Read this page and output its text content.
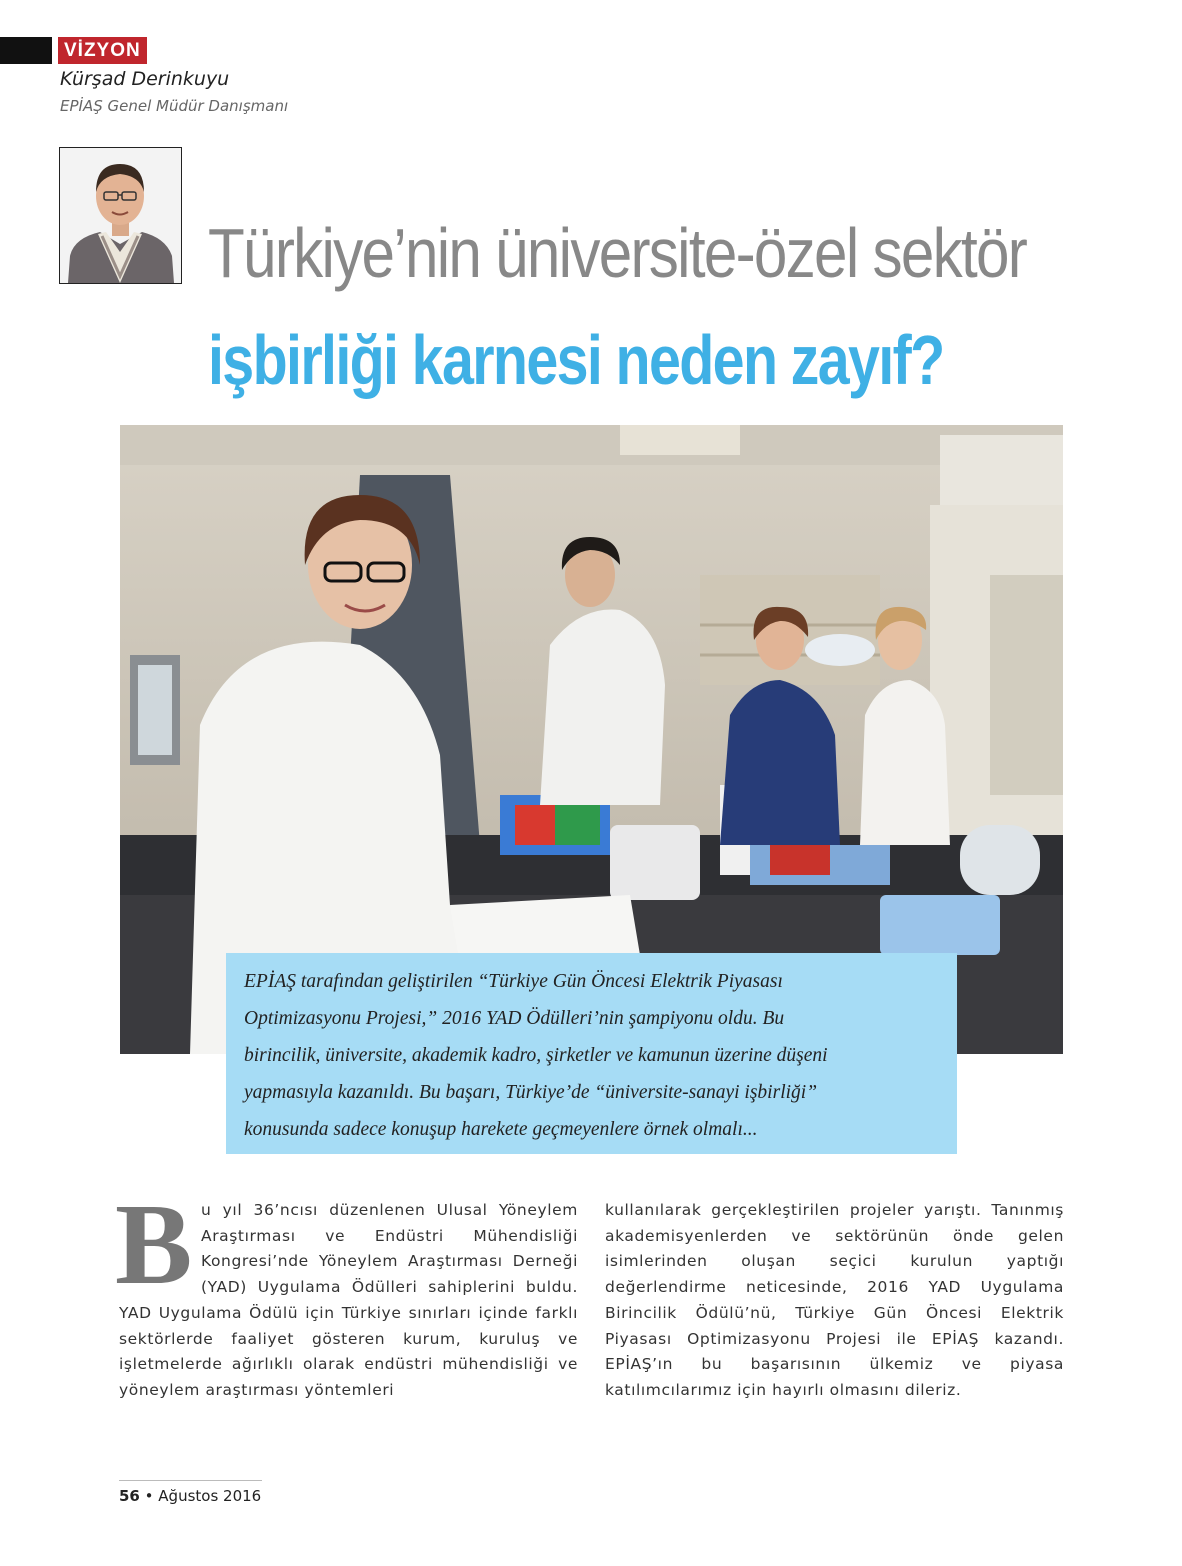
VİZYON
Kürşad Derinkuyu
EPİAŞ Genel Müdür Danışmanı
Türkiye’nin üniversite-özel sektör
işbirliği karnesi neden zayıf?

EPİAŞ tarafından geliştirilen “Türkiye Gün Öncesi Elektrik Piyasası

Optimizasyonu Projesi,” 2016 YAD Ödülleri’nin şampiyonu oldu. Bu

birincilik, üniversite, akademik kadro, şirketler ve kamunun üzerine düşeni

yapmasıyla kazanıldı. Bu başarı, Türkiye’de “üniversite-sanayi işbirliği”

konusunda sadece konuşup harekete geçmeyenlere örnek olmalı...

B u yıl 36’ncısı düzenlenen Ulusal Yöneylem Araştırması ve Endüstri Mühendisliği Kongresi’nde Yöneylem Araştırması Derneği (YAD) Uygulama Ödülleri sahiplerini buldu. YAD Uygulama Ödülü için Türkiye sınırları içinde farklı sektörlerde faaliyet gösteren kurum, kuruluş ve işletmelerde ağırlıklı olarak endüstri mühendisliği ve yöneylem araştırması yöntemleri

kullanılarak gerçekleştirilen projeler yarıştı. Tanınmış akademisyenlerden ve sektörünün önde gelen isimlerinden oluşan seçici kurulun yaptığı değerlendirme neticesinde, 2016 YAD Uygulama Birincilik Ödülü’nü, Türkiye Gün Öncesi Elektrik Piyasası Optimizasyonu Projesi ile EPİAŞ kazandı. EPİAŞ’ın bu başarısının ülkemiz ve piyasa katılımcılarımız için hayırlı olmasını dileriz.

56 • Ağustos 2016
